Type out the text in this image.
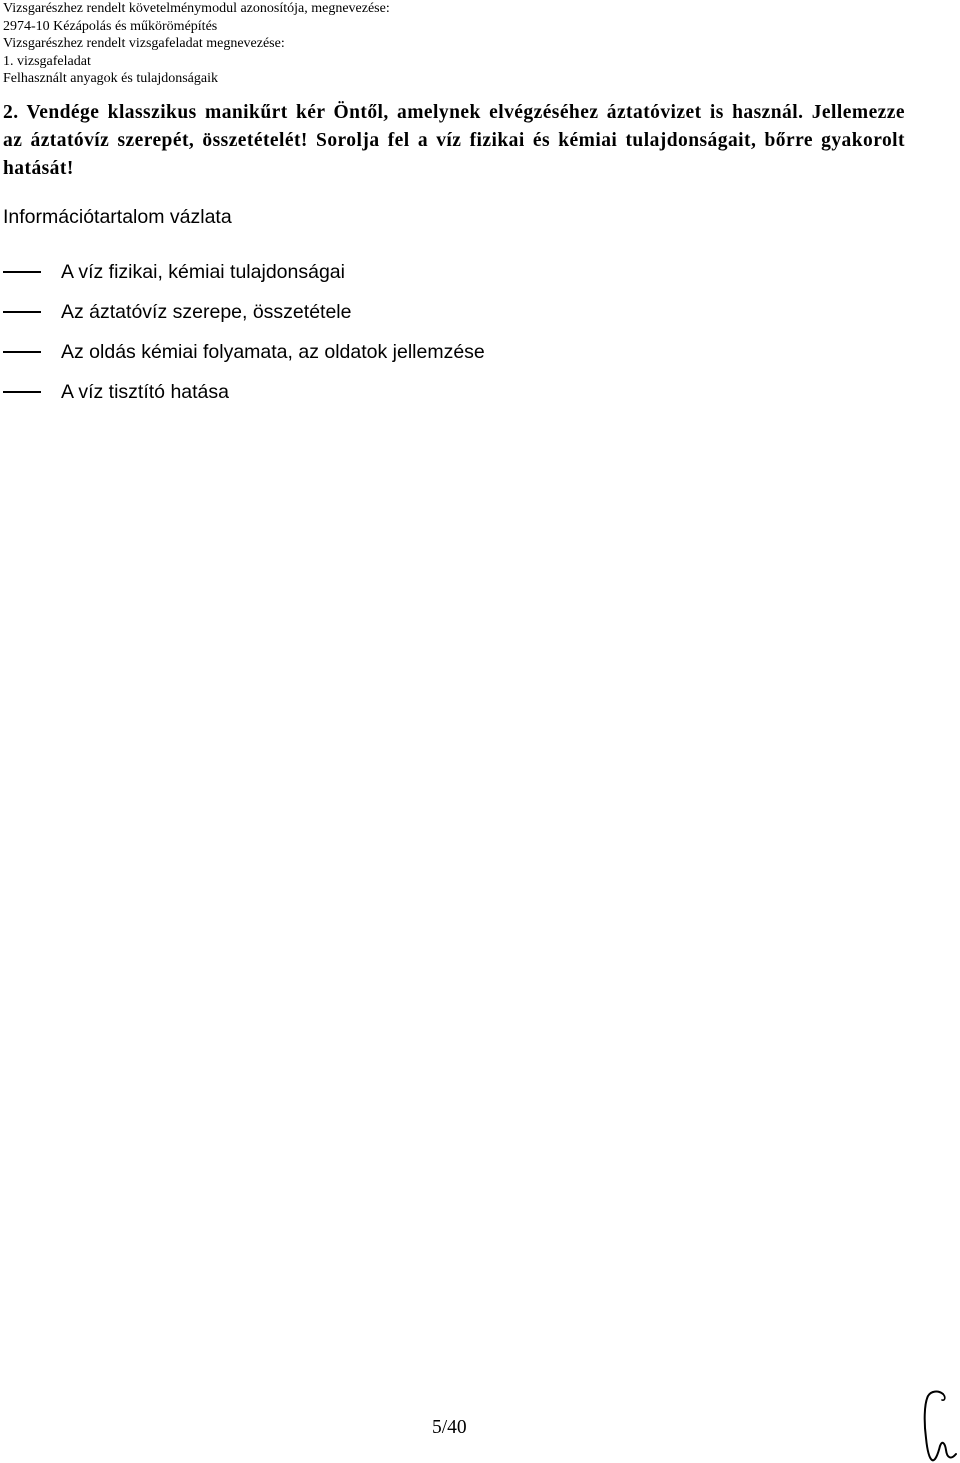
Vizsgarészhez rendelt követelménymodul azonosítója, megnevezése:
2974-10 Kézápolás és műkörömépítés
Vizsgarészhez rendelt vizsgafeladat megnevezése:
1. vizsgafeladat
Felhasznált anyagok és tulajdonságaik

2. Vendége klasszikus manikűrt kér Öntől, amelynek elvégzéséhez áztatóvizet is használ. Jellemezze az áztatóvíz szerepét, összetételét! Sorolja fel a víz fizikai és kémiai tulajdonságait, bőrre gyakorolt hatását!

Információtartalom vázlata
A víz fizikai, kémiai tulajdonságai
Az áztatóvíz szerepe, összetétele
Az oldás kémiai folyamata, az oldatok jellemzése
A víz tisztító hatása
5/40
